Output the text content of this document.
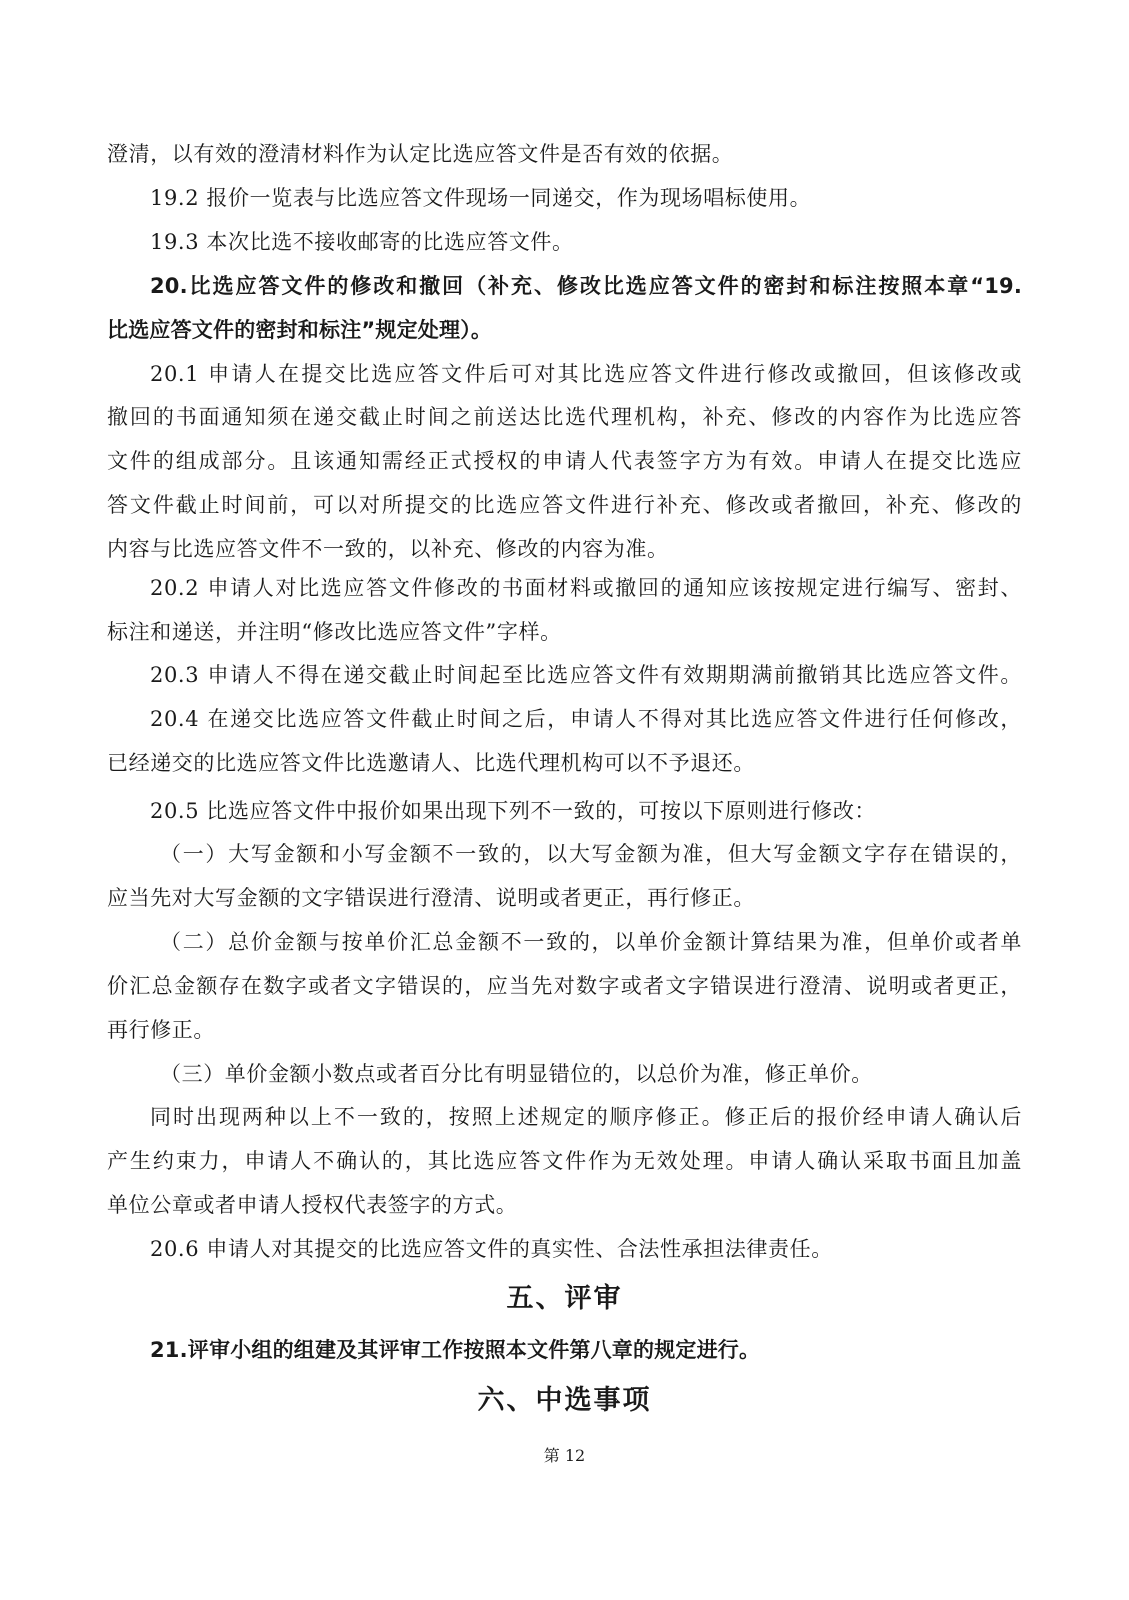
澄清，以有效的澄清材料作为认定比选应答文件是否有效的依据。
19.2 报价一览表与比选应答文件现场一同递交，作为现场唱标使用。
19.3 本次比选不接收邮寄的比选应答文件。
20.比选应答文件的修改和撤回（补充、修改比选应答文件的密封和标注按照本章“19.
比选应答文件的密封和标注”规定处理）。
20.1 申请人在提交比选应答文件后可对其比选应答文件进行修改或撤回，但该修改或
撤回的书面通知须在递交截止时间之前送达比选代理机构，补充、修改的内容作为比选应答
文件的组成部分。且该通知需经正式授权的申请人代表签字方为有效。申请人在提交比选应
答文件截止时间前，可以对所提交的比选应答文件进行补充、修改或者撤回，补充、修改的
内容与比选应答文件不一致的，以补充、修改的内容为准。
20.2 申请人对比选应答文件修改的书面材料或撤回的通知应该按规定进行编写、密封、
标注和递送，并注明“修改比选应答文件”字样。
20.3 申请人不得在递交截止时间起至比选应答文件有效期期满前撤销其比选应答文件。
20.4 在递交比选应答文件截止时间之后，申请人不得对其比选应答文件进行任何修改，
已经递交的比选应答文件比选邀请人、比选代理机构可以不予退还。
20.5 比选应答文件中报价如果出现下列不一致的，可按以下原则进行修改：
（一）大写金额和小写金额不一致的，以大写金额为准，但大写金额文字存在错误的，
应当先对大写金额的文字错误进行澄清、说明或者更正，再行修正。
（二）总价金额与按单价汇总金额不一致的，以单价金额计算结果为准，但单价或者单
价汇总金额存在数字或者文字错误的，应当先对数字或者文字错误进行澄清、说明或者更正，
再行修正。
（三）单价金额小数点或者百分比有明显错位的，以总价为准，修正单价。
同时出现两种以上不一致的，按照上述规定的顺序修正。修正后的报价经申请人确认后
产生约束力，申请人不确认的，其比选应答文件作为无效处理。申请人确认采取书面且加盖
单位公章或者申请人授权代表签字的方式。
20.6 申请人对其提交的比选应答文件的真实性、合法性承担法律责任。
五、评审
21.评审小组的组建及其评审工作按照本文件第八章的规定进行。
六、中选事项
第 12
